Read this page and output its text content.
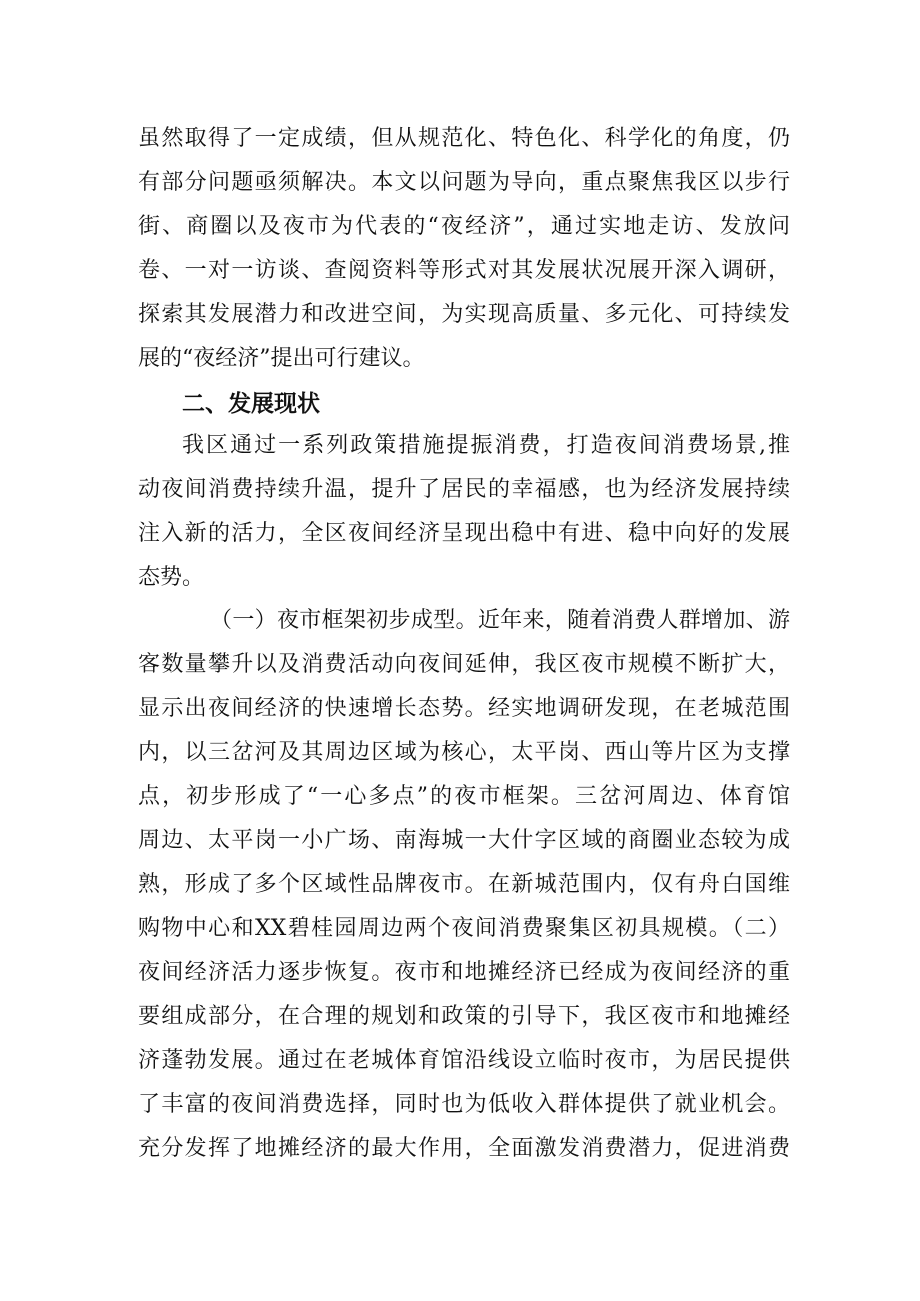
虽然取得了一定成绩，但从规范化、特色化、科学化的角度，仍
有部分问题亟须解决。本文以问题为导向，重点聚焦我区以步行
街、商圈以及夜市为代表的“夜经济”，通过实地走访、发放问
卷、一对一访谈、查阅资料等形式对其发展状况展开深入调研，
探索其发展潜力和改进空间，为实现高质量、多元化、可持续发
展的“夜经济”提出可行建议。
二、发展现状
我区通过一系列政策措施提振消费，打造夜间消费场景,推
动夜间消费持续升温，提升了居民的幸福感，也为经济发展持续
注入新的活力，全区夜间经济呈现出稳中有进、稳中向好的发展
态势。
（一）夜市框架初步成型。近年来，随着消费人群增加、游
客数量攀升以及消费活动向夜间延伸，我区夜市规模不断扩大，
显示出夜间经济的快速增长态势。经实地调研发现，在老城范围
内，以三岔河及其周边区域为核心，太平岗、西山等片区为支撑
点，初步形成了“一心多点”的夜市框架。三岔河周边、体育馆
周边、太平岗一小广场、南海城一大什字区域的商圈业态较为成
熟，形成了多个区域性品牌夜市。在新城范围内，仅有舟白国维
购物中心和XX碧桂园周边两个夜间消费聚集区初具规模。（二）
夜间经济活力逐步恢复。夜市和地摊经济已经成为夜间经济的重
要组成部分，在合理的规划和政策的引导下，我区夜市和地摊经
济蓬勃发展。通过在老城体育馆沿线设立临时夜市，为居民提供
了丰富的夜间消费选择，同时也为低收入群体提供了就业机会。
充分发挥了地摊经济的最大作用，全面激发消费潜力，促进消费
